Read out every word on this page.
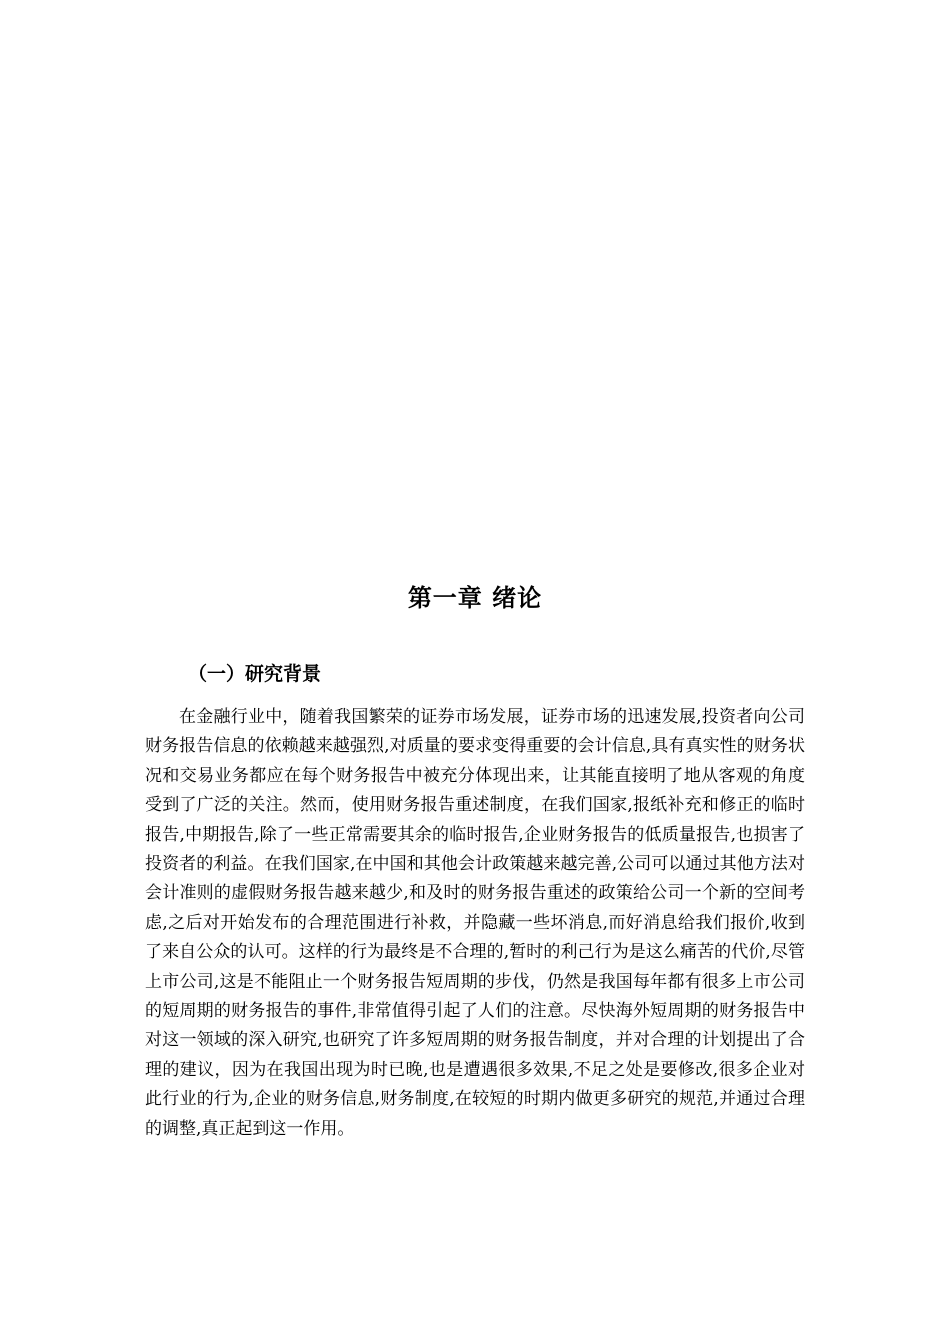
第一章 绪论
（一）研究背景

在金融行业中，随着我国繁荣的证券市场发展，证券市场的迅速发展,投资者向公司财务报告信息的依赖越来越强烈,对质量的要求变得重要的会计信息,具有真实性的财务状况和交易业务都应在每个财务报告中被充分体现出来，让其能直接明了地从客观的角度受到了广泛的关注。然而，使用财务报告重述制度，在我们国家,报纸补充和修正的临时报告,中期报告,除了一些正常需要其余的临时报告,企业财务报告的低质量报告,也损害了投资者的利益。在我们国家,在中国和其他会计政策越来越完善,公司可以通过其他方法对会计准则的虚假财务报告越来越少,和及时的财务报告重述的政策给公司一个新的空间考虑,之后对开始发布的合理范围进行补救，并隐藏一些坏消息,而好消息给我们报价,收到了来自公众的认可。这样的行为最终是不合理的,暂时的利己行为是这么痛苦的代价,尽管上市公司,这是不能阻止一个财务报告短周期的步伐，仍然是我国每年都有很多上市公司的短周期的财务报告的事件,非常值得引起了人们的注意。尽快海外短周期的财务报告中对这一领域的深入研究,也研究了许多短周期的财务报告制度，并对合理的计划提出了合理的建议，因为在我国出现为时已晚,也是遭遇很多效果,不足之处是要修改,很多企业对此行业的行为,企业的财务信息,财务制度,在较短的时期内做更多研究的规范,并通过合理的调整,真正起到这一作用。
